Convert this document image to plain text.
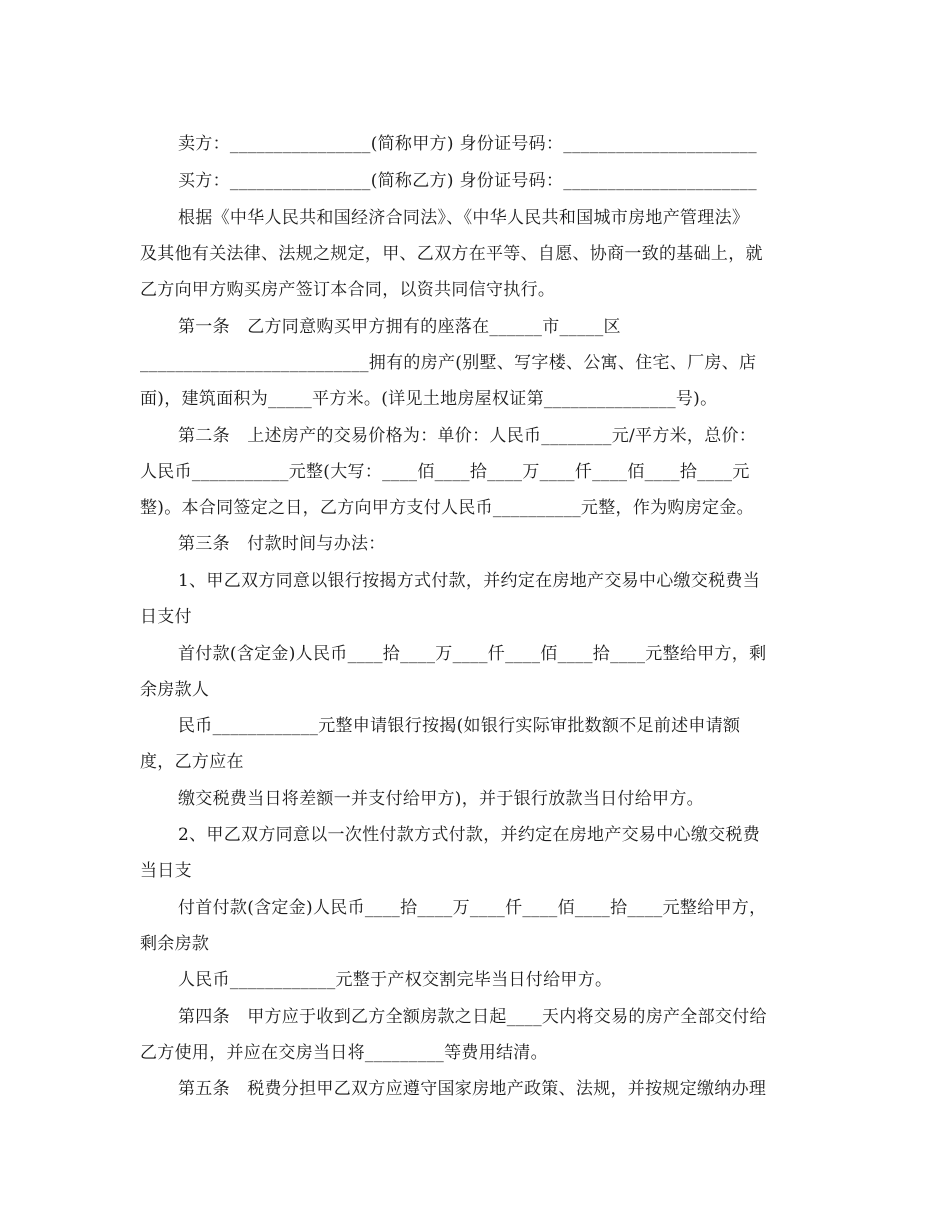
卖方：________________(简称甲方) 身份证号码：______________________
买方：________________(简称乙方) 身份证号码：______________________
根据《中华人民共和国经济合同法》、《中华人民共和国城市房地产管理法》
及其他有关法律、法规之规定，甲、乙双方在平等、自愿、协商一致的基础上，就
乙方向甲方购买房产签订本合同，以资共同信守执行。
第一条　乙方同意购买甲方拥有的座落在______市_____区
__________________________拥有的房产(别墅、写字楼、公寓、住宅、厂房、店
面)，建筑面积为_____平方米。(详见土地房屋权证第_______________号)。
第二条　上述房产的交易价格为：单价：人民币________元/平方米，总价：
人民币___________元整(大写：____佰____拾____万____仟____佰____拾____元
整)。本合同签定之日，乙方向甲方支付人民币__________元整，作为购房定金。
第三条　付款时间与办法：
1、甲乙双方同意以银行按揭方式付款，并约定在房地产交易中心缴交税费当
日支付
首付款(含定金)人民币____拾____万____仟____佰____拾____元整给甲方，剩
余房款人
民币____________元整申请银行按揭(如银行实际审批数额不足前述申请额
度，乙方应在
缴交税费当日将差额一并支付给甲方)，并于银行放款当日付给甲方。
2、甲乙双方同意以一次性付款方式付款，并约定在房地产交易中心缴交税费
当日支
付首付款(含定金)人民币____拾____万____仟____佰____拾____元整给甲方，
剩余房款
人民币____________元整于产权交割完毕当日付给甲方。
第四条　甲方应于收到乙方全额房款之日起____天内将交易的房产全部交付给
乙方使用，并应在交房当日将_________等费用结清。
第五条　税费分担甲乙双方应遵守国家房地产政策、法规，并按规定缴纳办理
